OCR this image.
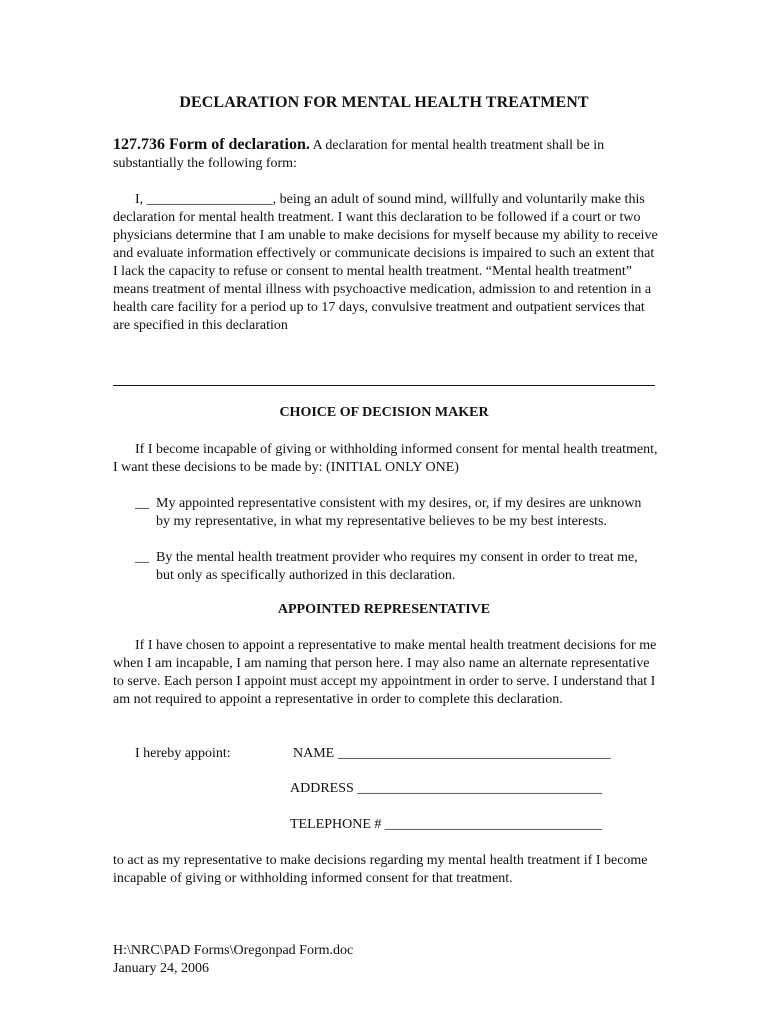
DECLARATION FOR MENTAL HEALTH TREATMENT

127.736 Form of declaration. A declaration for mental health treatment shall be in substantially the following form:

I, __________________, being an adult of sound mind, willfully and voluntarily make this declaration for mental health treatment. I want this declaration to be followed if a court or two physicians determine that I am unable to make decisions for myself because my ability to receive and evaluate information effectively or communicate decisions is impaired to such an extent that I lack the capacity to refuse or consent to mental health treatment. “Mental health treatment” means treatment of mental illness with psychoactive medication, admission to and retention in a health care facility for a period up to 17 days, convulsive treatment and outpatient services that are specified in this declaration

CHOICE OF DECISION MAKER

If I become incapable of giving or withholding informed consent for mental health treatment, I want these decisions to be made by: (INITIAL ONLY ONE)

__ My appointed representative consistent with my desires, or, if my desires are unknown by my representative, in what my representative believes to be my best interests.
__ By the mental health treatment provider who requires my consent in order to treat me, but only as specifically authorized in this declaration.
APPOINTED REPRESENTATIVE

If I have chosen to appoint a representative to make mental health treatment decisions for me when I am incapable, I am naming that person here. I may also name an alternate representative to serve. Each person I appoint must accept my appointment in order to serve. I understand that I am not required to appoint a representative in order to complete this declaration.

I hereby appoint:	NAME _______________________________________
ADDRESS ___________________________________
TELEPHONE # _______________________________

to act as my representative to make decisions regarding my mental health treatment if I become incapable of giving or withholding informed consent for that treatment.

H:\NRC\PAD Forms\Oregonpad Form.doc
January 24, 2006
